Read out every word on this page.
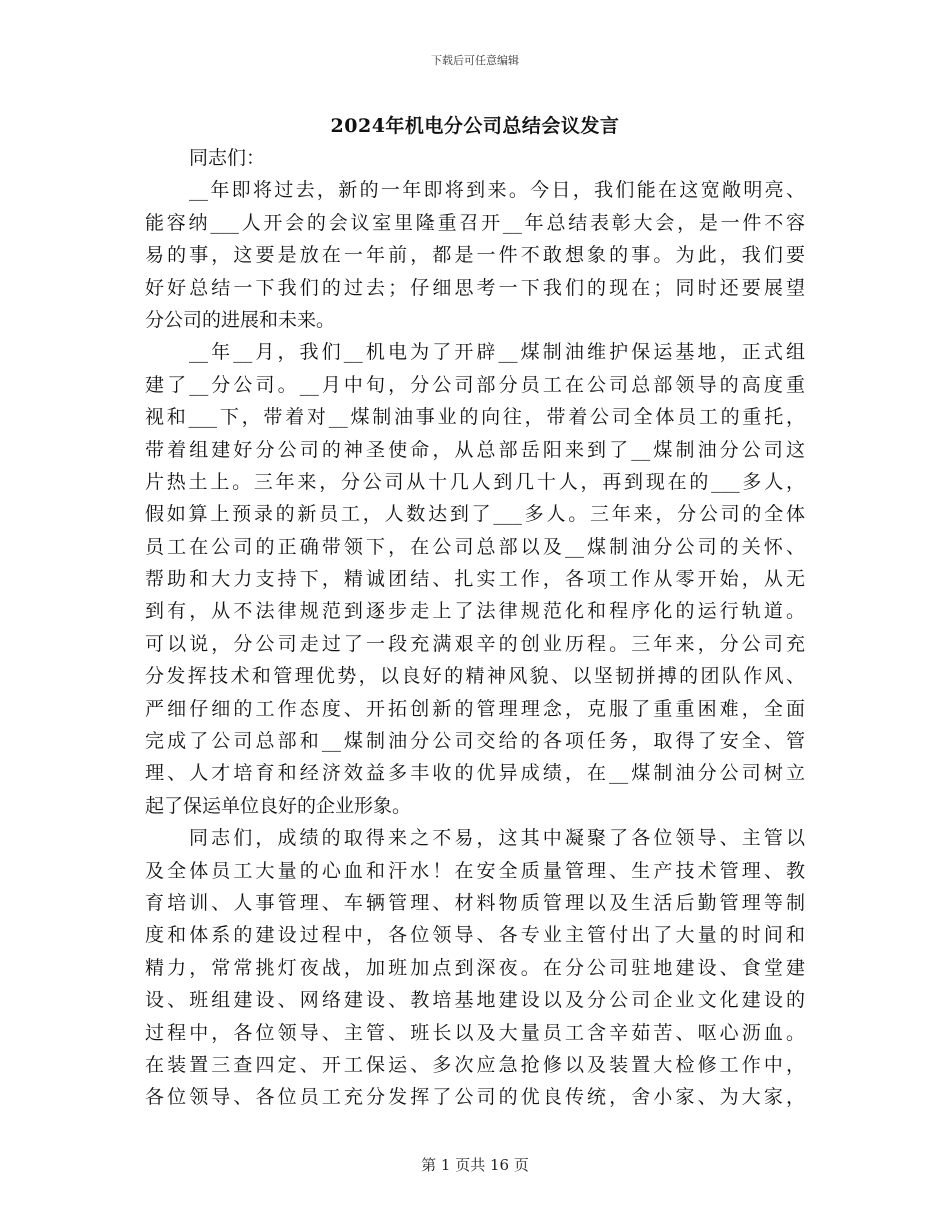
下载后可任意编辑
2024年机电分公司总结会议发言
同志们：
__年即将过去，新的一年即将到来。今日，我们能在这宽敞明亮、
能容纳___人开会的会议室里隆重召开__年总结表彰大会，是一件不容
易的事，这要是放在一年前，都是一件不敢想象的事。为此，我们要
好好总结一下我们的过去；仔细思考一下我们的现在；同时还要展望
分公司的进展和未来。
__年__月，我们__机电为了开辟__煤制油维护保运基地，正式组
建了__分公司。__月中旬，分公司部分员工在公司总部领导的高度重
视和___下，带着对__煤制油事业的向往，带着公司全体员工的重托，
带着组建好分公司的神圣使命，从总部岳阳来到了__煤制油分公司这
片热土上。三年来，分公司从十几人到几十人，再到现在的___多人，
假如算上预录的新员工，人数达到了___多人。三年来，分公司的全体
员工在公司的正确带领下，在公司总部以及__煤制油分公司的关怀、
帮助和大力支持下，精诚团结、扎实工作，各项工作从零开始，从无
到有，从不法律规范到逐步走上了法律规范化和程序化的运行轨道。
可以说，分公司走过了一段充满艰辛的创业历程。三年来，分公司充
分发挥技术和管理优势，以良好的精神风貌、以坚韧拼搏的团队作风、
严细仔细的工作态度、开拓创新的管理理念，克服了重重困难，全面
完成了公司总部和__煤制油分公司交给的各项任务，取得了安全、管
理、人才培育和经济效益多丰收的优异成绩，在__煤制油分公司树立
起了保运单位良好的企业形象。
同志们，成绩的取得来之不易，这其中凝聚了各位领导、主管以
及全体员工大量的心血和汗水！在安全质量管理、生产技术管理、教
育培训、人事管理、车辆管理、材料物质管理以及生活后勤管理等制
度和体系的建设过程中，各位领导、各专业主管付出了大量的时间和
精力，常常挑灯夜战，加班加点到深夜。在分公司驻地建设、食堂建
设、班组建设、网络建设、教培基地建设以及分公司企业文化建设的
过程中，各位领导、主管、班长以及大量员工含辛茹苦、呕心沥血。
在装置三查四定、开工保运、多次应急抢修以及装置大检修工作中，
各位领导、各位员工充分发挥了公司的优良传统，舍小家、为大家，
第 1 页共 16 页
